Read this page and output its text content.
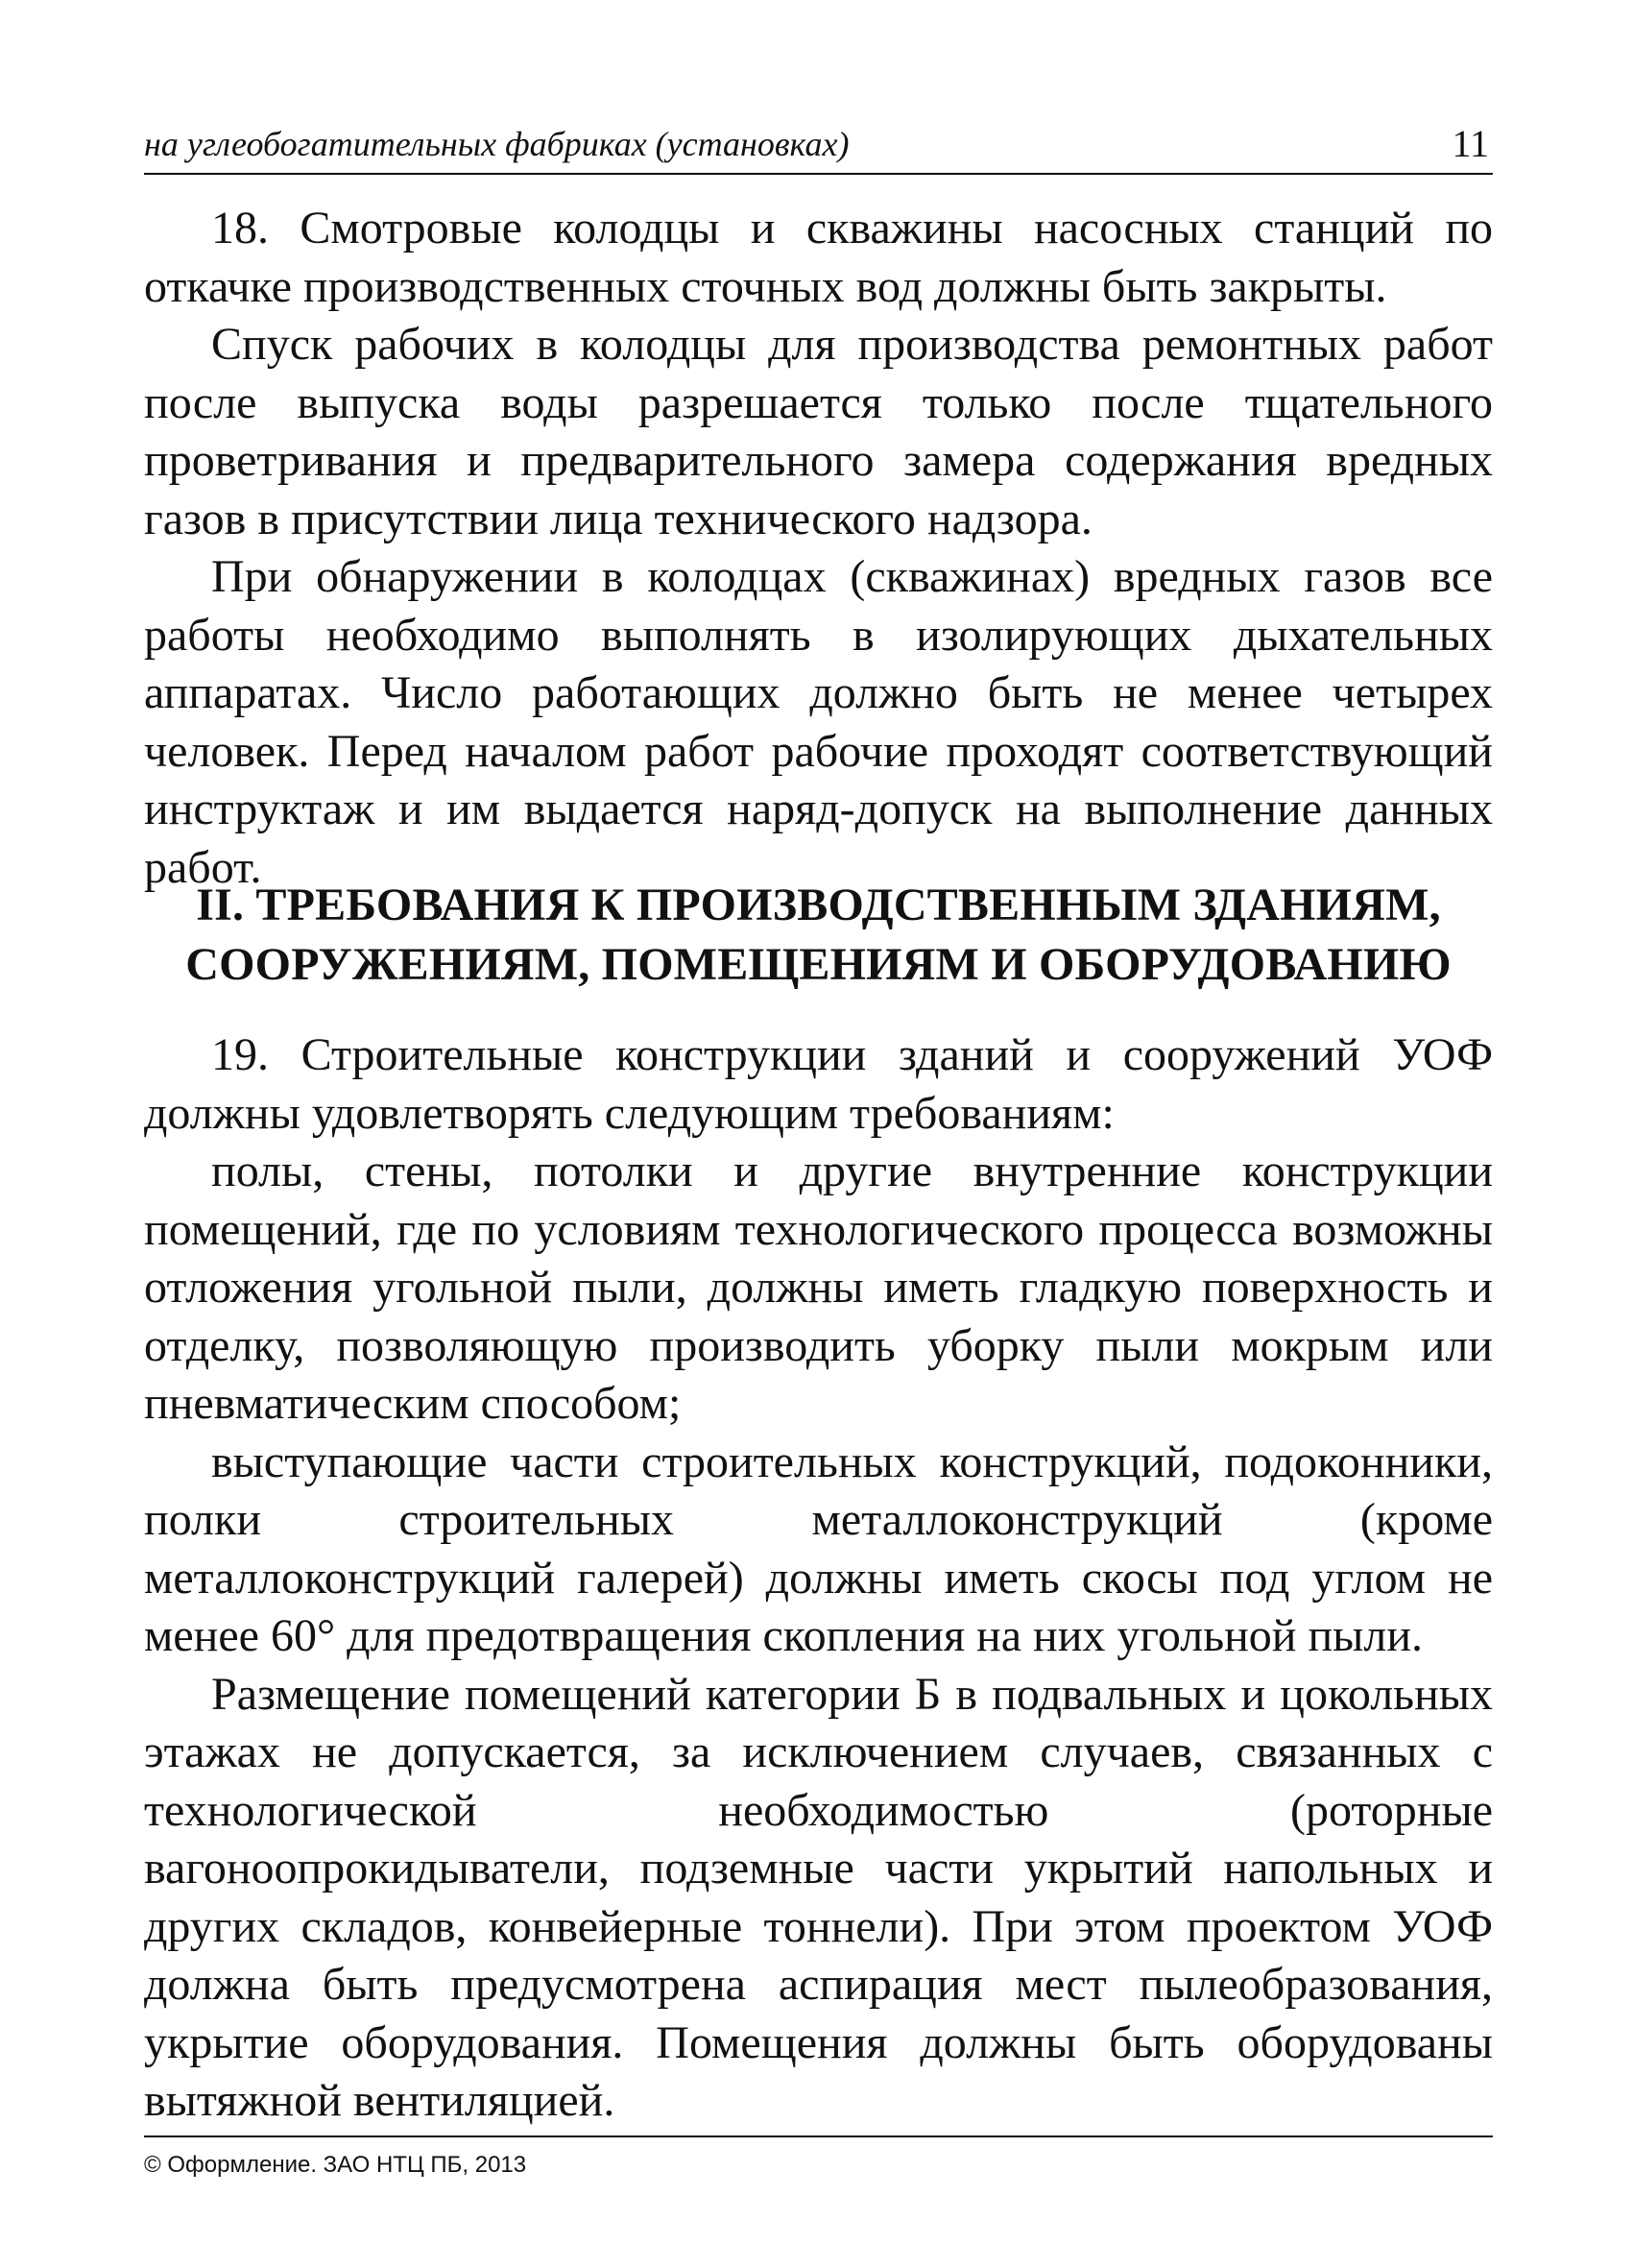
на углеобогатительных фабриках (установках)	11

18. Смотровые колодцы и скважины насосных станций по откачке производственных сточных вод должны быть закрыты.

Спуск рабочих в колодцы для производства ремонтных работ после выпуска воды разрешается только после тщательного проветривания и предварительного замера содержания вредных газов в присутствии лица технического надзора.

При обнаружении в колодцах (скважинах) вредных газов все работы необходимо выполнять в изолирующих дыхательных аппаратах. Число работающих должно быть не менее четырех человек. Перед началом работ рабочие проходят соответствующий инструктаж и им выдается наряд-допуск на выполнение данных работ.

II. ТРЕБОВАНИЯ К ПРОИЗВОДСТВЕННЫМ ЗДАНИЯМ,
СООРУЖЕНИЯМ, ПОМЕЩЕНИЯМ И ОБОРУДОВАНИЮ

19. Строительные конструкции зданий и сооружений УОФ должны удовлетворять следующим требованиям:

полы, стены, потолки и другие внутренние конструкции помещений, где по условиям технологического процесса возможны отложения угольной пыли, должны иметь гладкую поверхность и отделку, позволяющую производить уборку пыли мокрым или пневматическим способом;

выступающие части строительных конструкций, подоконники, полки строительных металлоконструкций (кроме металлоконструкций галерей) должны иметь скосы под углом не менее 60° для предотвращения скопления на них угольной пыли.

Размещение помещений категории Б в подвальных и цокольных этажах не допускается, за исключением случаев, связанных с технологической необходимостью (роторные вагоноопрокидыватели, подземные части укрытий напольных и других складов, конвейерные тоннели). При этом проектом УОФ должна быть предусмотрена аспирация мест пылеобразования, укрытие оборудования. Помещения должны быть оборудованы вытяжной вентиляцией.

© Оформление. ЗАО НТЦ ПБ, 2013
